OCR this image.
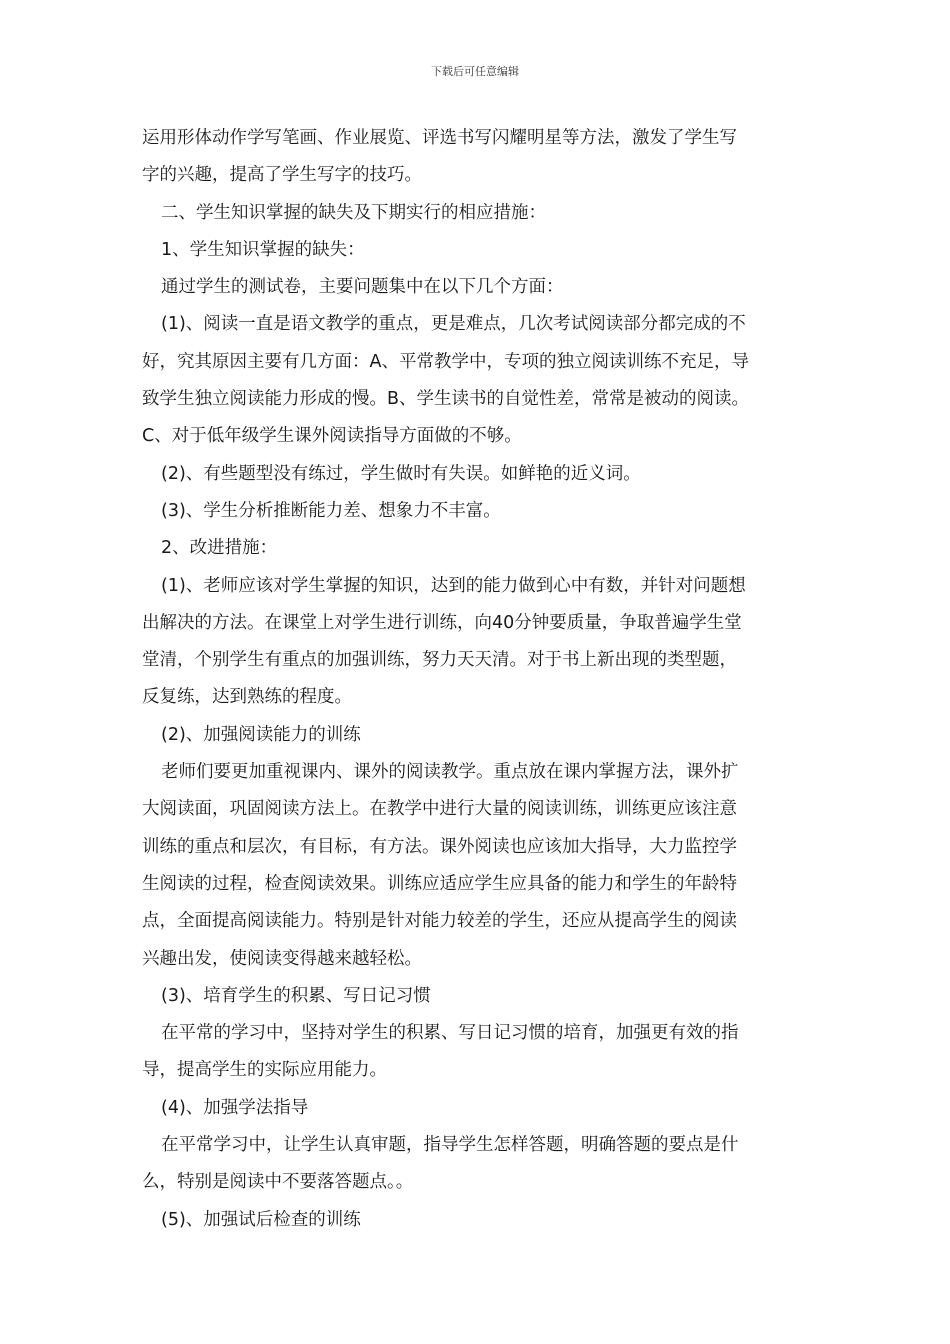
下载后可任意编辑

运用形体动作学写笔画、作业展览、评选书写闪耀明星等方法，激发了学生写
字的兴趣，提高了学生写字的技巧。

二、学生知识掌握的缺失及下期实行的相应措施：

1、学生知识掌握的缺失：

通过学生的测试卷，主要问题集中在以下几个方面：

(1)、阅读一直是语文教学的重点，更是难点，几次考试阅读部分都完成的不
好，究其原因主要有几方面：A、平常教学中，专项的独立阅读训练不充足，导
致学生独立阅读能力形成的慢。B、学生读书的自觉性差，常常是被动的阅读。
C、对于低年级学生课外阅读指导方面做的不够。

(2)、有些题型没有练过，学生做时有失误。如鲜艳的近义词。

(3)、学生分析推断能力差、想象力不丰富。

2、改进措施：

(1)、老师应该对学生掌握的知识，达到的能力做到心中有数，并针对问题想
出解决的方法。在课堂上对学生进行训练，向40分钟要质量，争取普遍学生堂
堂清，个别学生有重点的加强训练，努力天天清。对于书上新出现的类型题，
反复练，达到熟练的程度。

(2)、加强阅读能力的训练

老师们要更加重视课内、课外的阅读教学。重点放在课内掌握方法，课外扩
大阅读面，巩固阅读方法上。在教学中进行大量的阅读训练，训练更应该注意
训练的重点和层次，有目标，有方法。课外阅读也应该加大指导，大力监控学
生阅读的过程，检查阅读效果。训练应适应学生应具备的能力和学生的年龄特
点，全面提高阅读能力。特别是针对能力较差的学生，还应从提高学生的阅读
兴趣出发，使阅读变得越来越轻松。

(3)、培育学生的积累、写日记习惯

在平常的学习中，坚持对学生的积累、写日记习惯的培育，加强更有效的指
导，提高学生的实际应用能力。

(4)、加强学法指导

在平常学习中，让学生认真审题，指导学生怎样答题，明确答题的要点是什
么，特别是阅读中不要落答题点。。

(5)、加强试后检查的训练
